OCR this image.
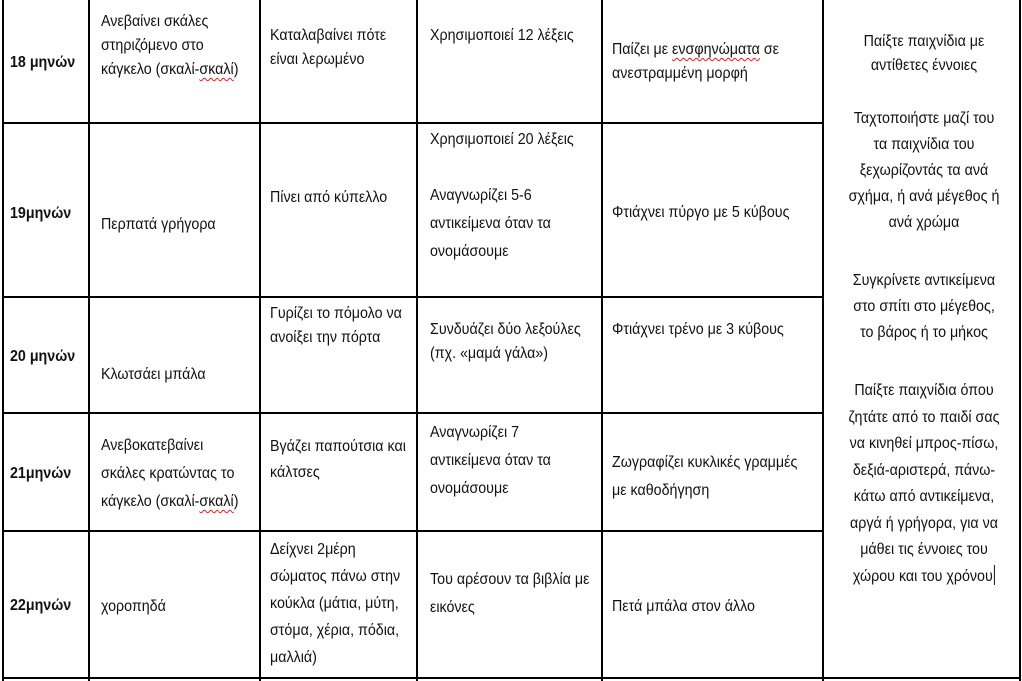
18 μηνών
Ανεβαίνει σκάλες
στηριζόμενο στο
κάγκελο (σκαλί-σκαλί)
Καταλαβαίνει πότε
είναι λερωμένο
Χρησιμοποιεί 12 λέξεις
Παίζει με ενσφηνώματα σε
ανεστραμμένη μορφή
19μηνών
Περπατά γρήγορα
Πίνει από κύπελλο
Χρησιμοποιεί 20 λέξεις
Αναγνωρίζει 5-6
αντικείμενα όταν τα
ονομάσουμε
Φτιάχνει πύργο με 5 κύβους
20 μηνών
Κλωτσάει μπάλα
Γυρίζει το πόμολο να
ανοίξει την πόρτα	Συνδυάζει δύο λεξούλες
(πχ. «μαμά γάλα»)
Φτιάχνει τρένο με 3 κύβους
21μηνών
Ανεβοκατεβαίνει
σκάλες κρατώντας το
κάγκελο (σκαλί-σκαλί)
Βγάζει παπούτσια και
κάλτσες
Αναγνωρίζει 7
αντικείμενα όταν τα
ονομάσουμε
Ζωγραφίζει κυκλικές γραμμές
με καθοδήγηση
22μηνών χοροπηδά
Δείχνει 2μέρη
σώματος πάνω στην
κούκλα (μάτια, μύτη,
στόμα, χέρια, πόδια,
μαλλιά)
Του αρέσουν τα βιβλία με
εικόνες	Πετά μπάλα στον άλλο
Παίξτε παιχνίδια με
αντίθετες έννοιες
Ταχτοποιήστε μαζί του
τα παιχνίδια του
ξεχωρίζοντάς τα ανά
σχήμα, ή ανά μέγεθος ή
ανά χρώμα
Συγκρίνετε αντικείμενα
στο σπίτι στο μέγεθος,
το βάρος ή το μήκος
Παίξτε παιχνίδια όπου
ζητάτε από το παιδί σας
να κινηθεί μπρος-πίσω,
δεξιά-αριστερά, πάνω-
κάτω από αντικείμενα,
αργά ή γρήγορα, για να
μάθει τις έννοιες του
χώρου και του χρόνου
